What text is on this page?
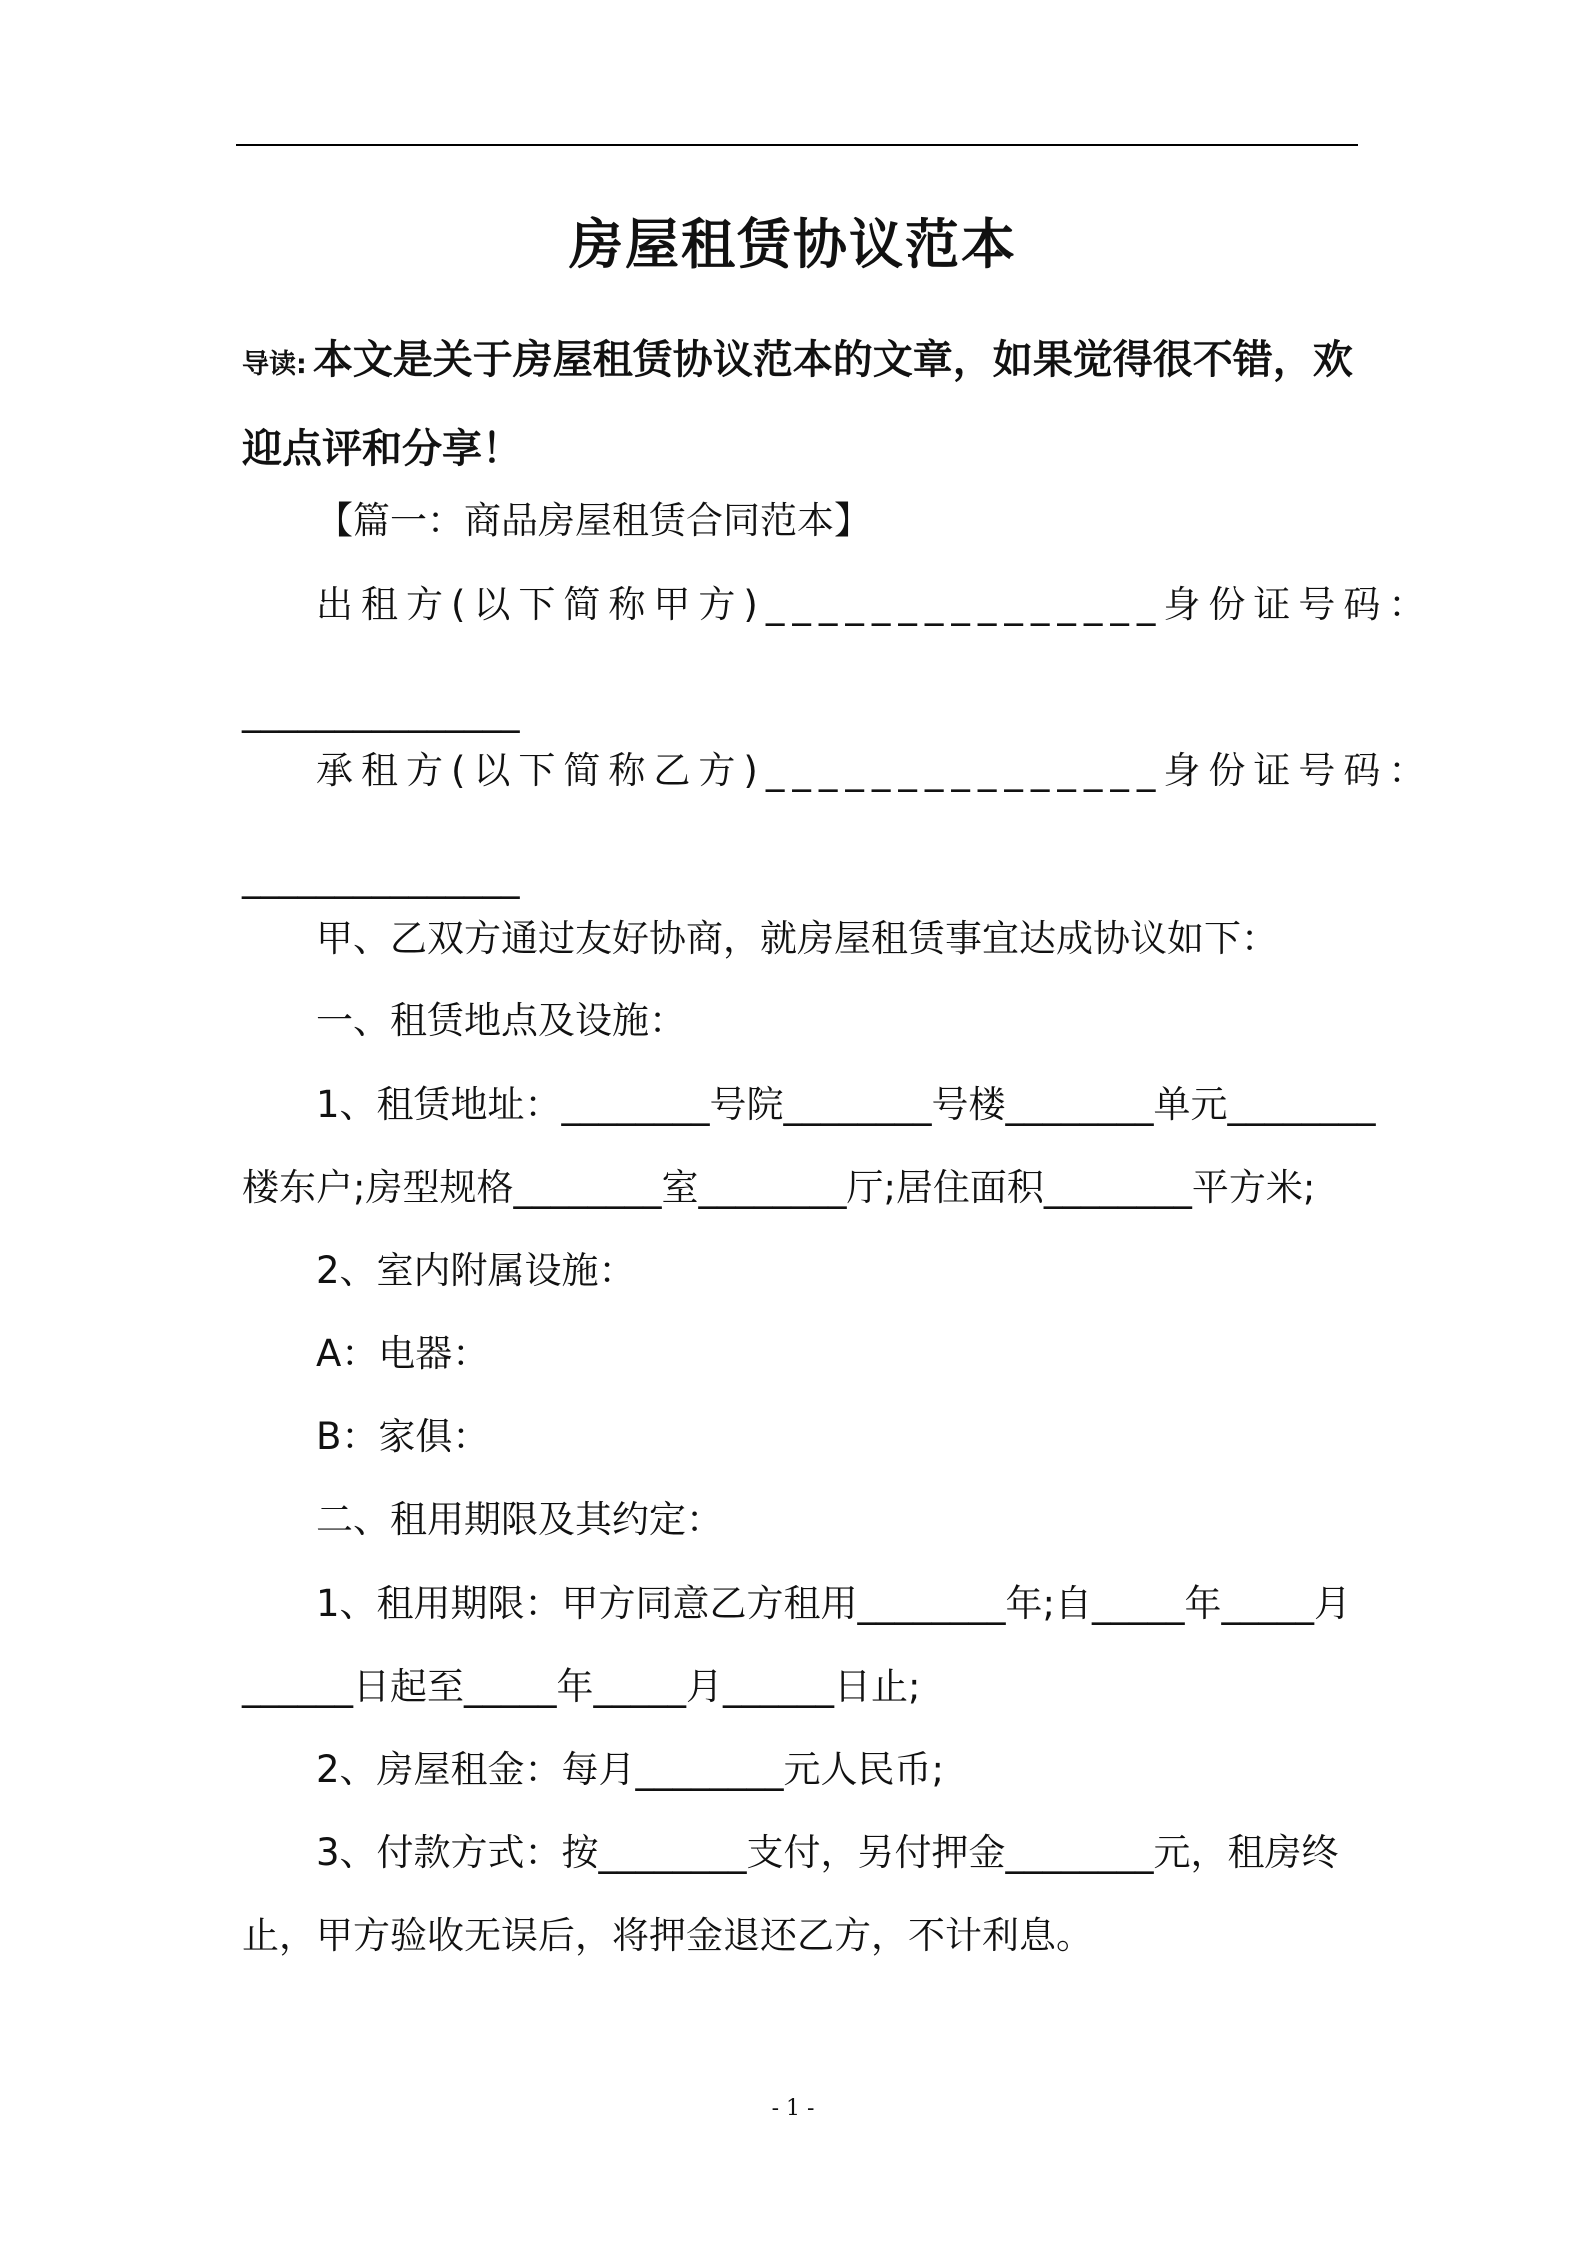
房屋租赁协议范本
导读: 本文是关于房屋租赁协议范本的文章，如果觉得很不错，欢迎点评和分享！
【篇一：商品房屋租赁合同范本】
出租方(以下简称甲方)_______________身份证号码：
_______________
承租方(以下简称乙方)_______________身份证号码：
_______________
甲、乙双方通过友好协商，就房屋租赁事宜达成协议如下：
一、租赁地点及设施：
1、租赁地址：________号院________号楼________单元________
楼东户;房型规格________室________厅;居住面积________平方米;
2、室内附属设施：
A：电器：
B：家俱：
二、租用期限及其约定：
1、租用期限：甲方同意乙方租用________年;自_____年_____月
______日起至_____年_____月______日止;
2、房屋租金：每月________元人民币;
3、付款方式：按________支付，另付押金________元，租房终
止，甲方验收无误后，将押金退还乙方，不计利息。
- 1 -
